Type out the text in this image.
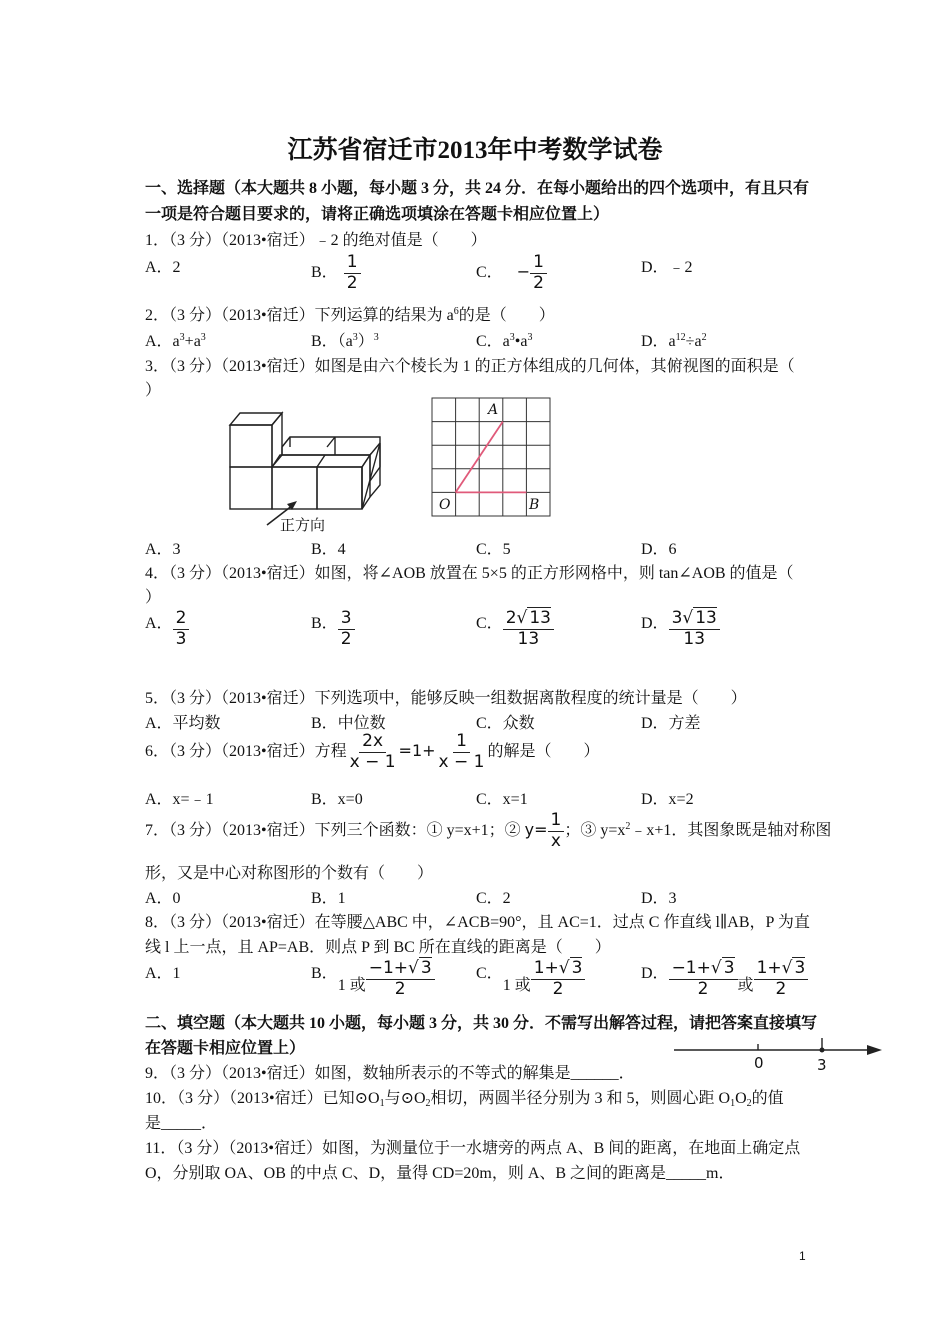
江苏省宿迁市2013年中考数学试卷
一、选择题（本大题共 8 小题，每小题 3 分，共 24 分．在每小题给出的四个选项中，有且只有
一项是符合题目要求的，请将正确选项填涂在答题卡相应位置上）
1．（3 分）（2013•宿迁）﹣2 的绝对值是（　　）
A．2	B． $\frac{1}{2}$	C． − $\frac{1}{2}$	D．﹣2
2．（3 分）（2013•宿迁）下列运算的结果为 $a^6$的是（　　）
A．$a^3+a^3$	B．$(a^3)^3$	C．$a^3•a^3$	D．$a^{12}\div a^2$
3．（3 分）（2013•宿迁）如图是由六个棱长为 1 的正方体组成的几何体，其俯视图的面积是（
）
正方向
A
B
O
A．3	B．4	C．5	D．6
4．（3 分）（2013•宿迁）如图，将∠AOB 放置在 5×5 的正方形网格中，则 tan∠AOB 的值是（
）
A． $\frac{2}{3}$	B． $\frac{3}{2}$	C． $\frac{2√ 13}{13}$	D． $\frac{3√ 13}{13}$
5．（3 分）（2013•宿迁）下列选项中，能够反映一组数据离散程度的统计量是（　　）
A．平均数	B．中位数	C．众数	D．方差
6．（3 分）（2013•宿迁）方程 $\frac{2x}{x - 1} =1+ \frac{1}{x - 1}$ 的解是（　　）
A．x=﹣1	B．x=0	C．x=1	D．x=2
7．（3 分）（2013•宿迁）下列三个函数：① y=x+1；② $y= \frac{1}{x}$ ；③ $y=x^2﹣x+1$．其图象既是轴对称图
形，又是中心对称图形的个数有（　　）
A．0	B．1	C．2	D．3
8．（3 分）（2013•宿迁）在等腰△ABC 中，∠ACB=90°，且 AC=1．过点 C 作直线 l∥AB，P 为直
线 l 上一点，且 AP=AB．则点 P 到 BC 所在直线的距离是（　　）
A．1	B．1 或 $\frac{-1+√ 3}{2}$	C．1 或 $\frac{1+√ 3}{2}$	D． $\frac{-1+√ 3}{2}$ 或 $\frac{1+√ 3}{2}$
二、填空题（本大题共 10 小题，每小题 3 分，共 30 分．不需写出解答过程，请把答案直接填写
在答题卡相应位置上）
9．（3 分）（2013•宿迁）如图，数轴所表示的不等式的解集是______．
0	3
10．（3 分）（2013•宿迁）已知$⊙O_1$与$⊙O_2$相切，两圆半径分别为 3 和 5，则圆心距 $O_1O_2$的值
是_____．
11．（3 分）（2013•宿迁）如图，为测量位于一水塘旁的两点 A、B 间的距离，在地面上确定点
O，分别取 OA、OB 的中点 C、D，量得 CD=20m，则 A、B 之间的距离是_____m．
1
